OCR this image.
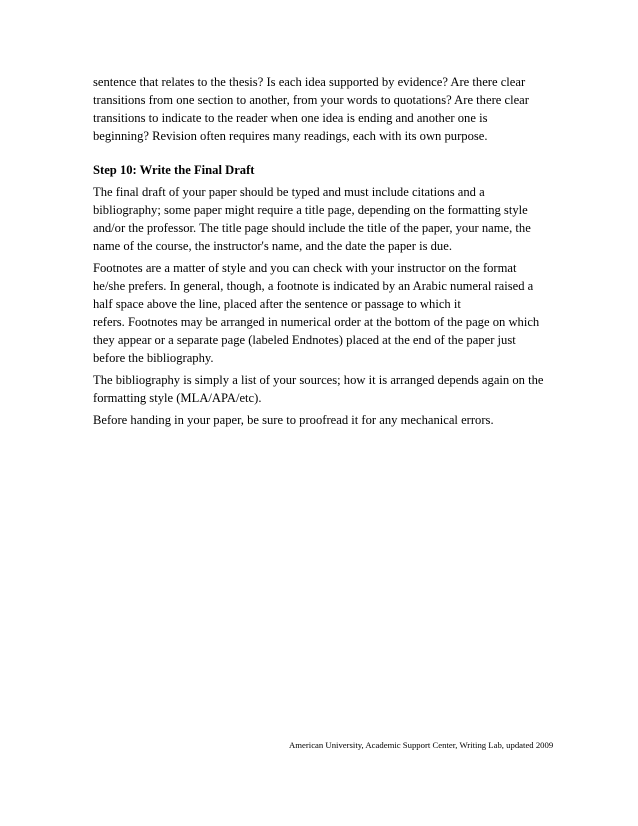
sentence that relates to the thesis? Is each idea supported by evidence? Are there clear
transitions from one section to another, from your words to quotations? Are there clear
transitions to indicate to the reader when one idea is ending and another one is
beginning? Revision often requires many readings, each with its own purpose.

Step 10: Write the Final Draft

The final draft of your paper should be typed and must include citations and a
bibliography; some paper might require a title page, depending on the formatting style
and/or the professor. The title page should include the title of the paper, your name, the
name of the course, the instructor's name, and the date the paper is due.

Footnotes are a matter of style and you can check with your instructor on the format
he/she prefers. In general, though, a footnote is indicated by an Arabic numeral raised a
half space above the line, placed after the sentence or passage to which it
refers. Footnotes may be arranged in numerical order at the bottom of the page on which
they appear or a separate page (labeled Endnotes) placed at the end of the paper just
before the bibliography.

The bibliography is simply a list of your sources; how it is arranged depends again on the
formatting style (MLA/APA/etc).

Before handing in your paper, be sure to proofread it for any mechanical errors.

American University, Academic Support Center, Writing Lab, updated 2009
